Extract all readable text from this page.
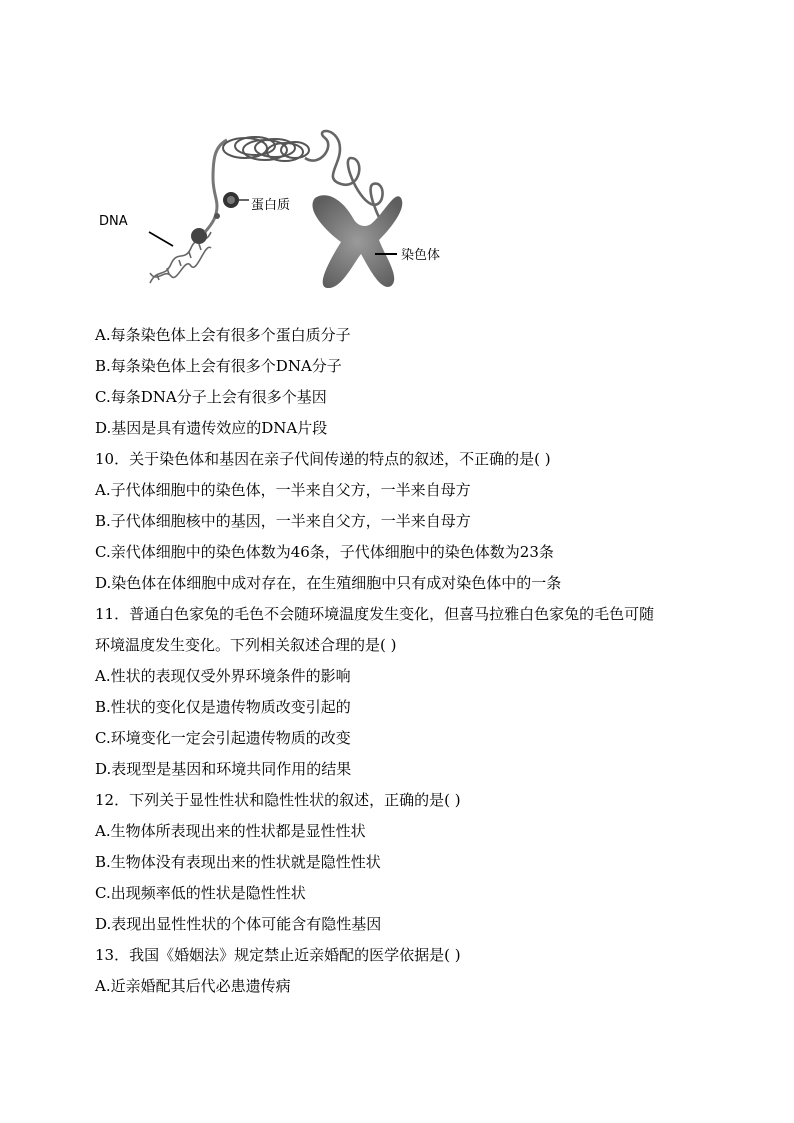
DNA
蛋白质
染色体
A.每条染色体上会有很多个蛋白质分子
B.每条染色体上会有很多个DNA分子
C.每条DNA分子上会有很多个基因
D.基因是具有遗传效应的DNA片段
10．关于染色体和基因在亲子代间传递的特点的叙述，不正确的是( )
A.子代体细胞中的染色体，一半来自父方，一半来自母方
B.子代体细胞核中的基因，一半来自父方，一半来自母方
C.亲代体细胞中的染色体数为46条，子代体细胞中的染色体数为23条
D.染色体在体细胞中成对存在，在生殖细胞中只有成对染色体中的一条
11．普通白色家兔的毛色不会随环境温度发生变化，但喜马拉雅白色家兔的毛色可随
环境温度发生变化。下列相关叙述合理的是( )
A.性状的表现仅受外界环境条件的影响
B.性状的变化仅是遗传物质改变引起的
C.环境变化一定会引起遗传物质的改变
D.表现型是基因和环境共同作用的结果
12．下列关于显性性状和隐性性状的叙述，正确的是( )
A.生物体所表现出来的性状都是显性性状
B.生物体没有表现出来的性状就是隐性性状
C.出现频率低的性状是隐性性状
D.表现出显性性状的个体可能含有隐性基因
13．我国《婚姻法》规定禁止近亲婚配的医学依据是( )
A.近亲婚配其后代必患遗传病
